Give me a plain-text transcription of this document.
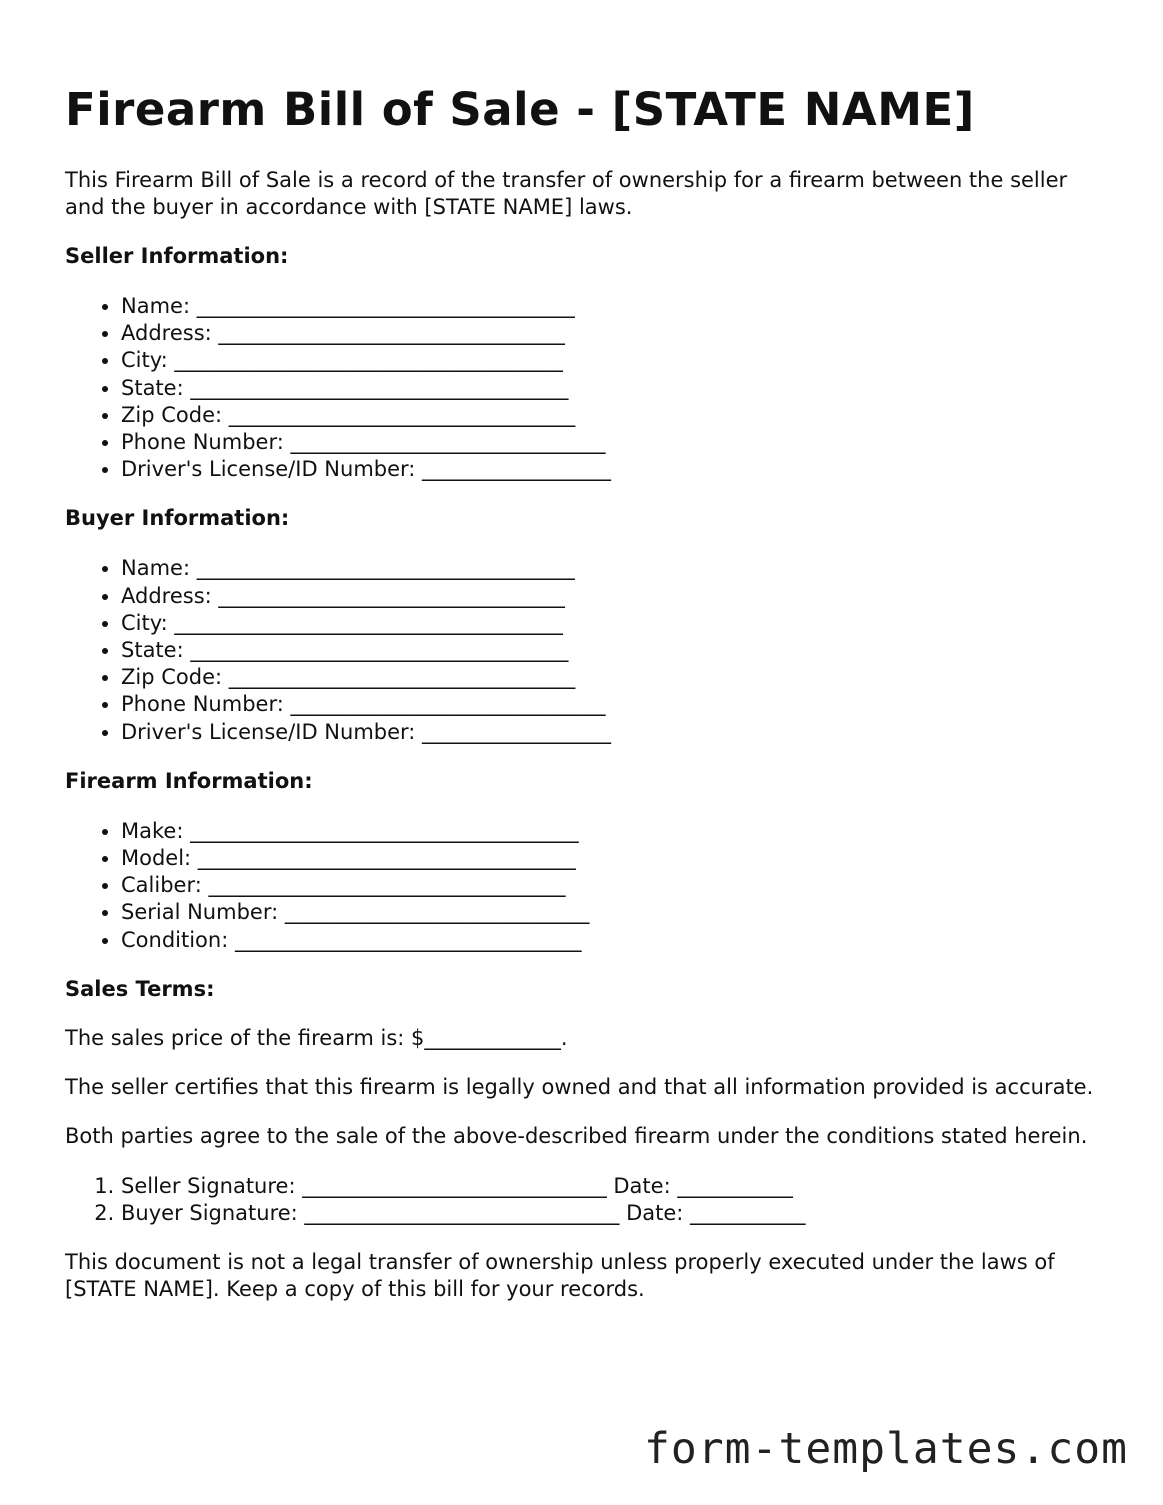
Firearm Bill of Sale - [STATE NAME]

This Firearm Bill of Sale is a record of the transfer of ownership for a firearm between the seller and the buyer in accordance with [STATE NAME] laws.

Seller Information:
• Name: ____________________________________
• Address: _________________________________
• City: _____________________________________
• State: ____________________________________
• Zip Code: _________________________________
• Phone Number: ______________________________
• Driver's License/ID Number: __________________
Buyer Information:
• Name: ____________________________________
• Address: _________________________________
• City: _____________________________________
• State: ____________________________________
• Zip Code: _________________________________
• Phone Number: ______________________________
• Driver's License/ID Number: __________________
Firearm Information:
• Make: _____________________________________
• Model: ____________________________________
• Caliber: __________________________________
• Serial Number: _____________________________
• Condition: _________________________________
Sales Terms:

The sales price of the firearm is: $_____________.

The seller certifies that this firearm is legally owned and that all information provided is accurate.

Both parties agree to the sale of the above-described firearm under the conditions stated herein.

1. Seller Signature: _____________________________ Date: ___________
2. Buyer Signature: ______________________________ Date: ___________

This document is not a legal transfer of ownership unless properly executed under the laws of [STATE NAME]. Keep a copy of this bill for your records.

form-templates.com
